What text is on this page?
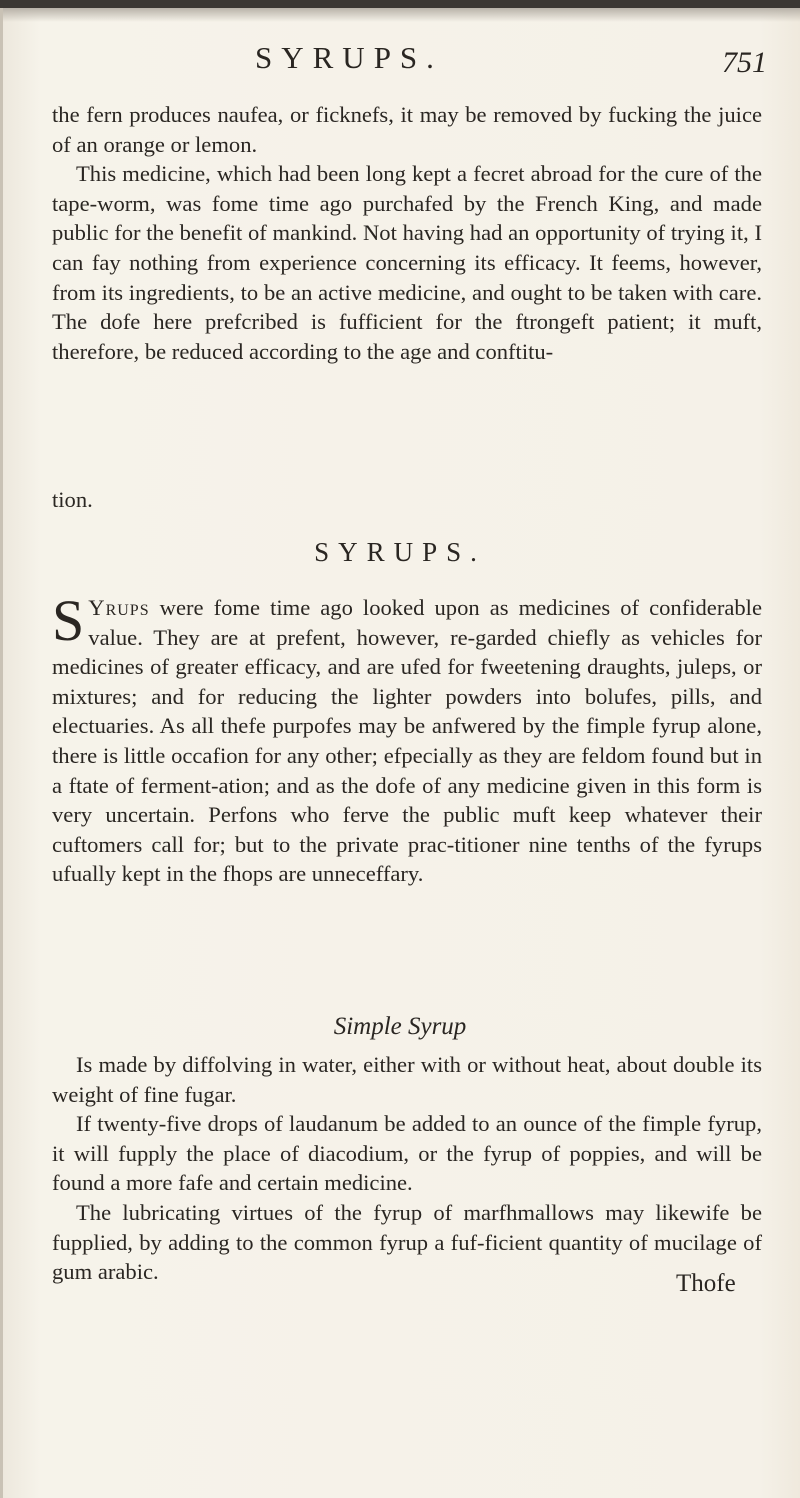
SYRUPS.	751

the fern produces naufea, or ficknefs, it may be removed by fucking the juice of an orange or lemon.

This medicine, which had been long kept a fecret abroad for the cure of the tape-worm, was fome time ago purchafed by the French King, and made public for the benefit of mankind. Not having had an opportunity of trying it, I can fay nothing from experience concerning its efficacy. It feems, however, from its ingredients, to be an active medicine, and ought to be taken with care. The dofe here prefcribed is fufficient for the ftrongeft patient; it muft, therefore, be reduced according to the age and conftitu-

tion.

SYRUPS.
S Yrups were fome time ago looked upon as medicines of confiderable value. They are at prefent, however, re-garded chiefly as vehicles for medicines of greater efficacy, and are ufed for fweetening draughts, juleps, or mixtures; and for reducing the lighter powders into bolufes, pills, and electuaries. As all thefe purpofes may be anfwered by the fimple fyrup alone, there is little occafion for any other; efpecially as they are feldom found but in a ftate of ferment-ation; and as the dofe of any medicine given in this form is very uncertain. Perfons who ferve the public muft keep whatever their cuftomers call for; but to the private prac-titioner nine tenths of the fyrups ufually kept in the fhops are unneceffary.
Simple Syrup

Is made by diffolving in water, either with or without heat, about double its weight of fine fugar.

If twenty-five drops of laudanum be added to an ounce of the fimple fyrup, it will fupply the place of diacodium, or the fyrup of poppies, and will be found a more fafe and certain medicine.

The lubricating virtues of the fyrup of marfhmallows may likewife be fupplied, by adding to the common fyrup a fuf-ficient quantity of mucilage of gum arabic.	Thofe
